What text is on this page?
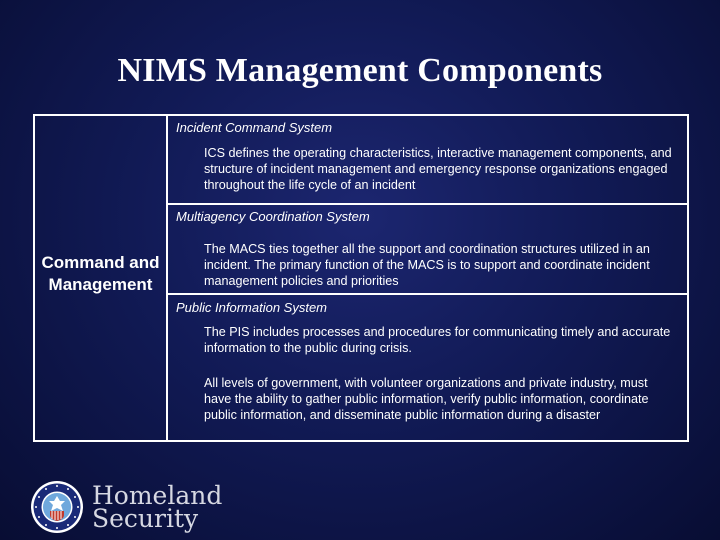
NIMS Management Components
Command and Management
Incident Command System
ICS defines the operating characteristics, interactive management components, and structure of incident management and emergency response organizations engaged throughout the life cycle of an incident
Multiagency Coordination System
The MACS ties together all the support and coordination structures utilized in an incident. The primary function of the MACS is to support and coordinate incident management policies and priorities
Public Information System
The PIS includes processes and procedures for communicating timely and accurate information to the public during crisis.
All levels of government, with volunteer organizations and private industry, must have the ability to gather public information, verify public information, coordinate public information, and disseminate public information during a disaster
Homeland
Security
